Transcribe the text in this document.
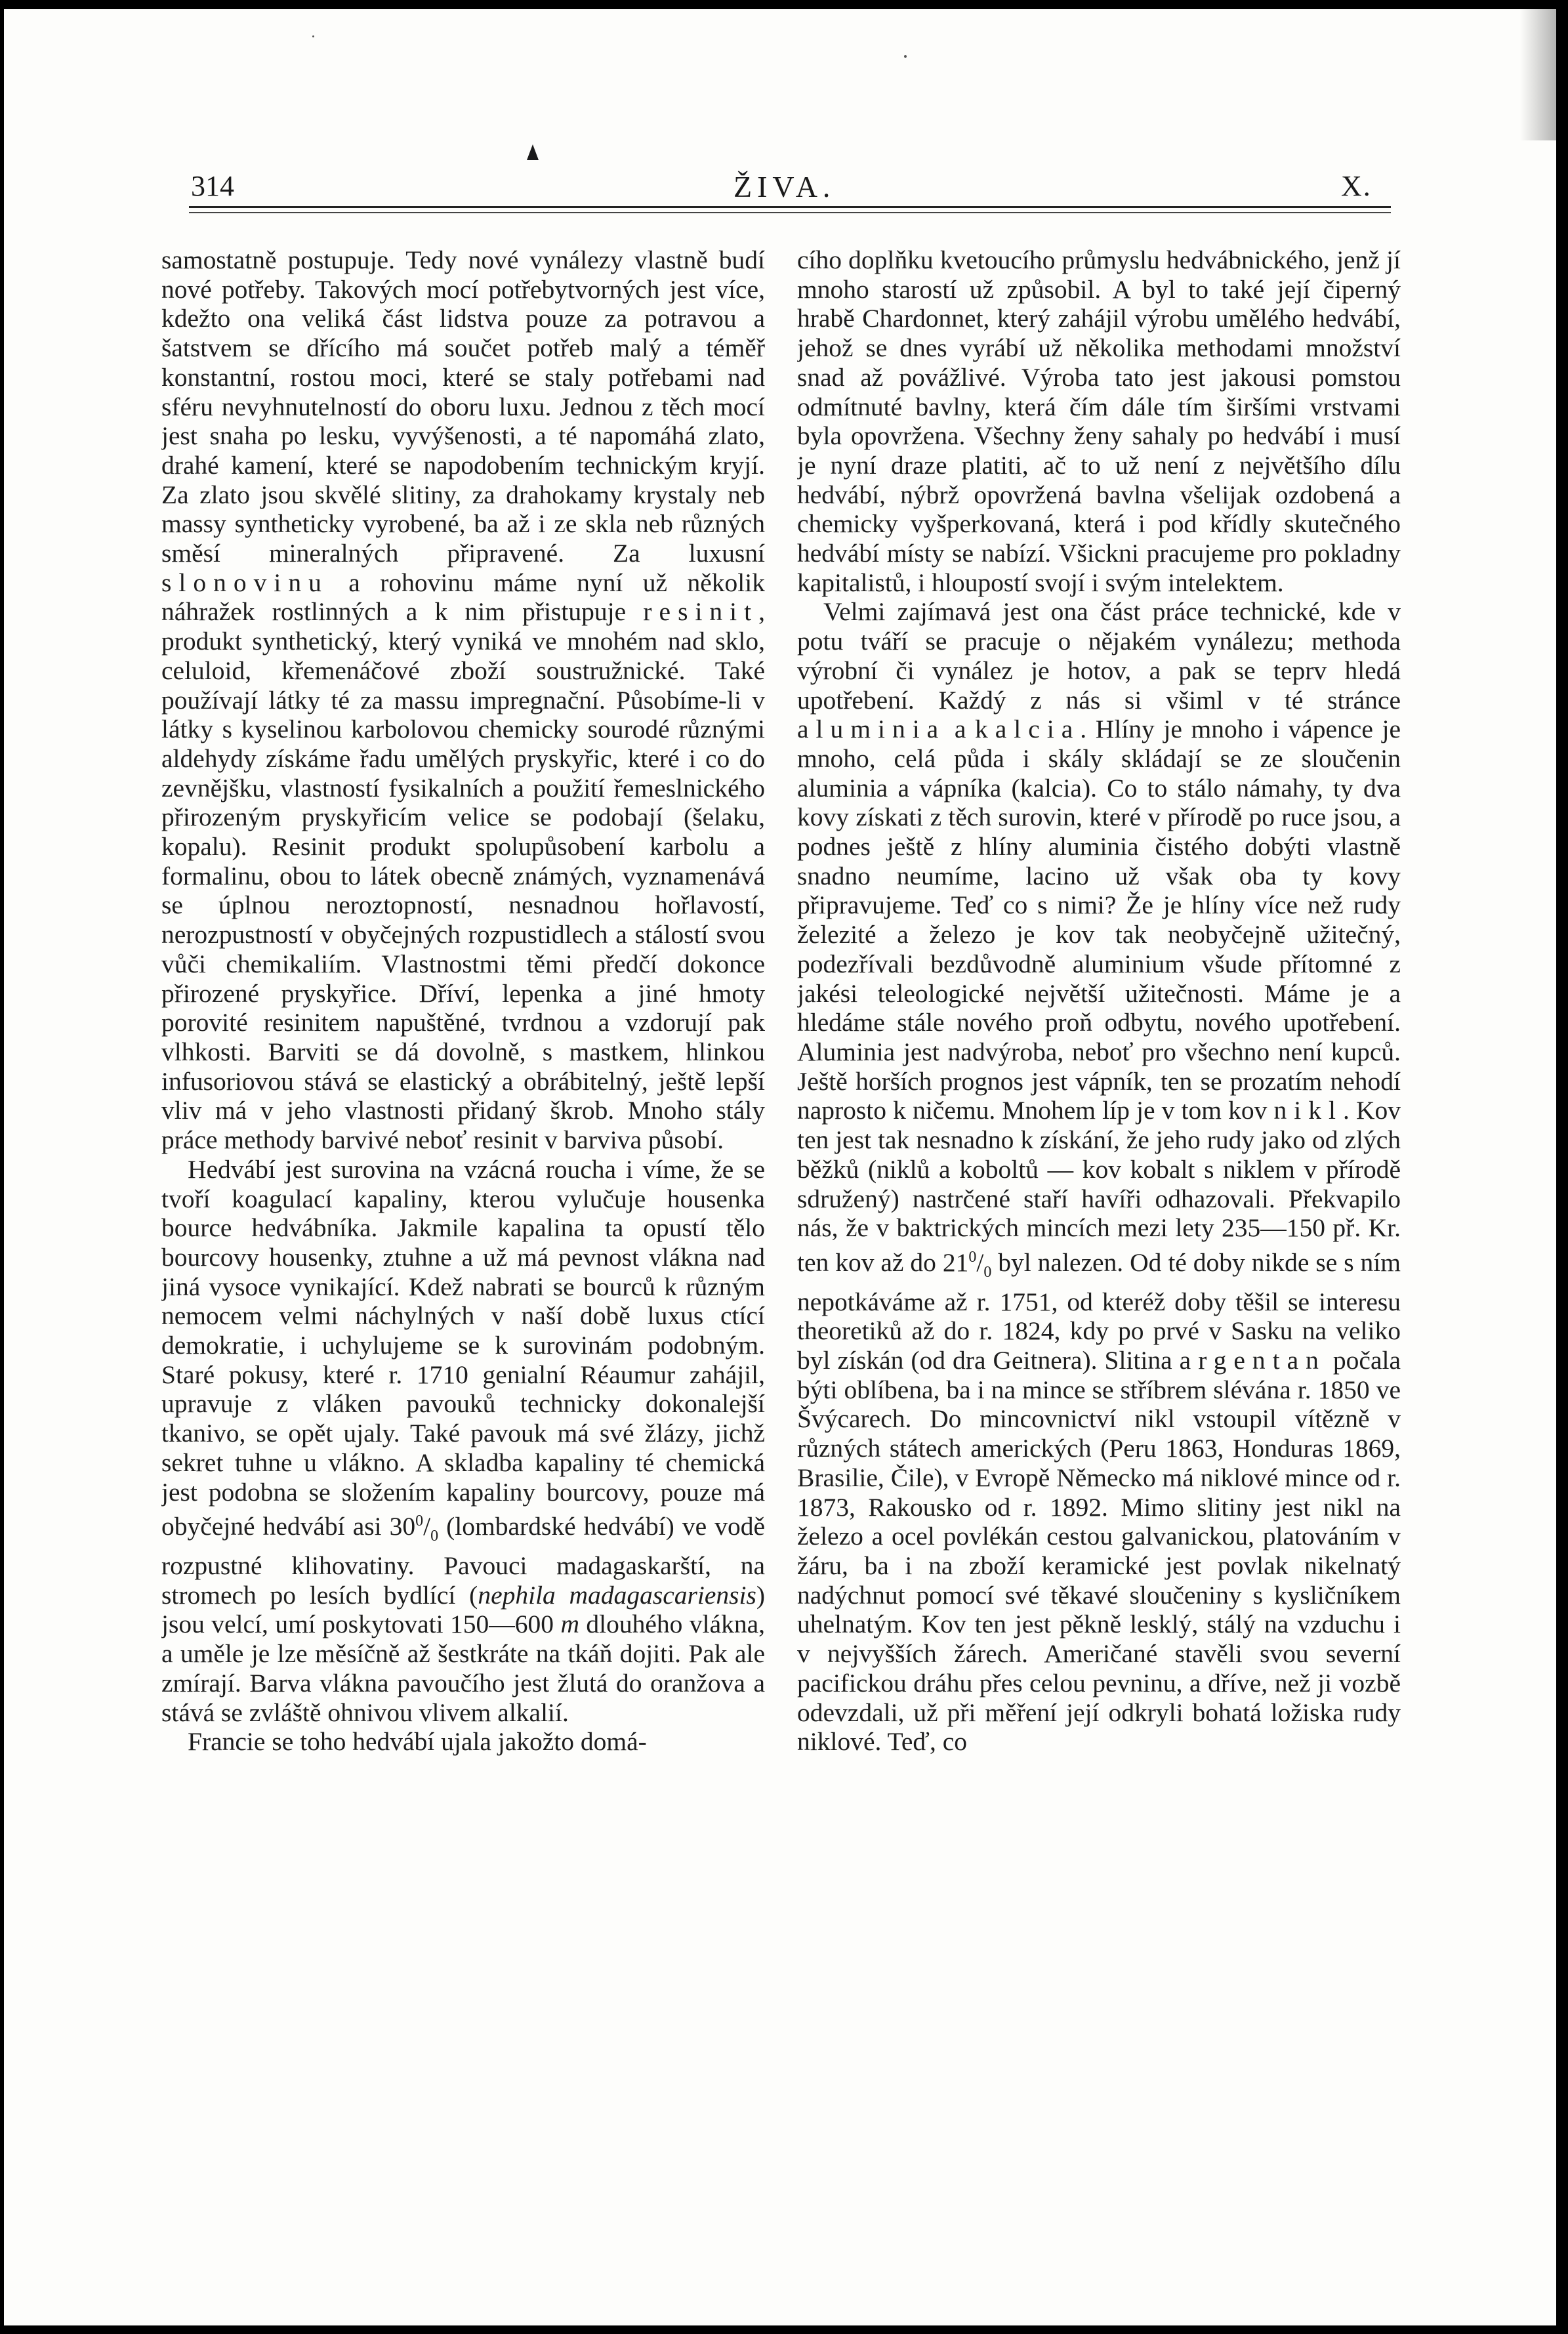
314	ŽIVA.	X.

samostatně postupuje. Tedy nové vynálezy vlastně budí nové potřeby. Takových mocí potřebytvorných jest více, kdežto ona veliká část lidstva pouze za potravou a šatstvem se dřícího má součet potřeb malý a téměř konstantní, rostou moci, které se staly potřebami nad sféru nevyhnutelností do oboru luxu. Jednou z těch mocí jest snaha po lesku, vyvýšenosti, a té napomáhá zlato, drahé kamení, které se napodobením technickým kryjí. Za zlato jsou skvělé slitiny, za drahokamy krystaly neb massy syntheticky vyrobené, ba až i ze skla neb různých směsí mineralných připravené. Za luxusní slonovinu a rohovinu máme nyní už několik náhražek rostlinných a k nim přistupuje resinit, produkt synthetický, který vyniká ve mnohém nad sklo, celuloid, křemenáčové zboží soustružnické. Také používají látky té za massu impregnační. Působíme-li v látky s kyselinou karbolovou chemicky sourodé různými aldehydy získáme řadu umělých pryskyřic, které i co do zevnějšku, vlastností fysikalních a použití řemeslnického přirozeným pryskyřicím velice se podobají (šelaku, kopalu). Resinit produkt spolupůsobení karbolu a formalinu, obou to látek obecně známých, vyznamenává se úplnou neroztopností, nesnadnou hořlavostí, nerozpustností v obyčejných rozpustidlech a stálostí svou vůči chemikaliím. Vlastnostmi těmi předčí dokonce přirozené pryskyřice. Dříví, lepenka a jiné hmoty porovité resinitem napuštěné, tvrdnou a vzdorují pak vlhkosti. Barviti se dá dovolně, s mastkem, hlinkou infusoriovou stává se elastický a obrábitelný, ještě lepší vliv má v jeho vlastnosti přidaný škrob. Mnoho stály práce methody barvivé neboť resinit v barviva působí.

Hedvábí jest surovina na vzácná roucha i víme, že se tvoří koagulací kapaliny, kterou vylučuje housenka bource hedvábníka. Jakmile kapalina ta opustí tělo bourcovy housenky, ztuhne a už má pevnost vlákna nad jiná vysoce vynikající. Kdež nabrati se bourců k různým nemocem velmi náchylných v naší době luxus ctící demokratie, i uchylujeme se k surovinám podobným. Staré pokusy, které r. 1710 genialní Réaumur zahájil, upravuje z vláken pavouků technicky dokonalejší tkanivo, se opět ujaly. Také pavouk má své žlázy, jichž sekret tuhne u vlákno. A skladba kapaliny té chemická jest podobna se složením kapaliny bourcovy, pouze má obyčejné hedvábí asi $30^0/_0$ (lombardské hedvábí) ve vodě rozpustné klihovatiny. Pavouci madagaskarští, na stromech po lesích bydlící (nephila madagascariensis) jsou velcí, umí poskytovati 150—600 m dlouhého vlákna, a uměle je lze měsíčně až šestkráte na tkáň dojiti. Pak ale zmírají. Barva vlákna pavoučího jest žlutá do oranžova a stává se zvláště ohnivou vlivem alkalií.

Francie se toho hedvábí ujala jakožto domá-

cího doplňku kvetoucího průmyslu hedvábnického, jenž jí mnoho starostí už způsobil. A byl to také její čiperný hrabě Chardonnet, který zahájil výrobu umělého hedvábí, jehož se dnes vyrábí už několika methodami množství snad až povážlivé. Výroba tato jest jakousi pomstou odmítnuté bavlny, která čím dále tím širšími vrstvami byla opovržena. Všechny ženy sahaly po hedvábí i musí je nyní draze platiti, ač to už není z největšího dílu hedvábí, nýbrž opovržená bavlna všelijak ozdobená a chemicky vyšperkovaná, která i pod křídly skutečného hedvábí místy se nabízí. Všickni pracujeme pro pokladny kapitalistů, i hloupostí svojí i svým intelektem.

Velmi zajímavá jest ona část práce technické, kde v potu tváří se pracuje o nějakém vynálezu; methoda výrobní či vynález je hotov, a pak se teprv hledá upotřebení. Každý z nás si všiml v té stránce aluminia a kalcia. Hlíny je mnoho i vápence je mnoho, celá půda i skály skládají se ze sloučenin aluminia a vápníka (kalcia). Co to stálo námahy, ty dva kovy získati z těch surovin, které v přírodě po ruce jsou, a podnes ještě z hlíny aluminia čistého dobýti vlastně snadno neumíme, lacino už však oba ty kovy připravujeme. Teď co s nimi? Že je hlíny více než rudy železité a železo je kov tak neobyčejně užitečný, podezřívali bezdůvodně aluminium všude přítomné z jakési teleologické největší užitečnosti. Máme je a hledáme stále nového proň odbytu, nového upotřebení. Aluminia jest nadvýroba, neboť pro všechno není kupců. Ještě horších prognos jest vápník, ten se prozatím nehodí naprosto k ničemu. Mnohem líp je v tom kov nikl. Kov ten jest tak nesnadno k získání, že jeho rudy jako od zlých běžků (niklů a koboltů — kov kobalt s niklem v přírodě sdružený) nastrčené staří havíři odhazovali. Překvapilo nás, že v baktrických mincích mezi lety 235—150 př. Kr. ten kov až do $21^0/_0$ byl nalezen. Od té doby nikde se s ním nepotkáváme až r. 1751, od kteréž doby těšil se interesu theoretiků až do r. 1824, kdy po prvé v Sasku na veliko byl získán (od dra Geitnera). Slitina argentan počala býti oblíbena, ba i na mince se stříbrem slévána r. 1850 ve Švýcarech. Do mincovnictví nikl vstoupil vítězně v různých státech amerických (Peru 1863, Honduras 1869, Brasilie, Čile), v Evropě Německo má niklové mince od r. 1873, Rakousko od r. 1892. Mimo slitiny jest nikl na železo a ocel povlékán cestou galvanickou, platováním v žáru, ba i na zboží keramické jest povlak nikelnatý nadýchnut pomocí své těkavé sloučeniny s kysličníkem uhelnatým. Kov ten jest pěkně lesklý, stálý na vzduchu i v nejvyšších žárech. Američané stavěli svou severní pacifickou dráhu přes celou pevninu, a dříve, než ji vozbě odevzdali, už při měření její odkryli bohatá ložiska rudy niklové. Teď, co
